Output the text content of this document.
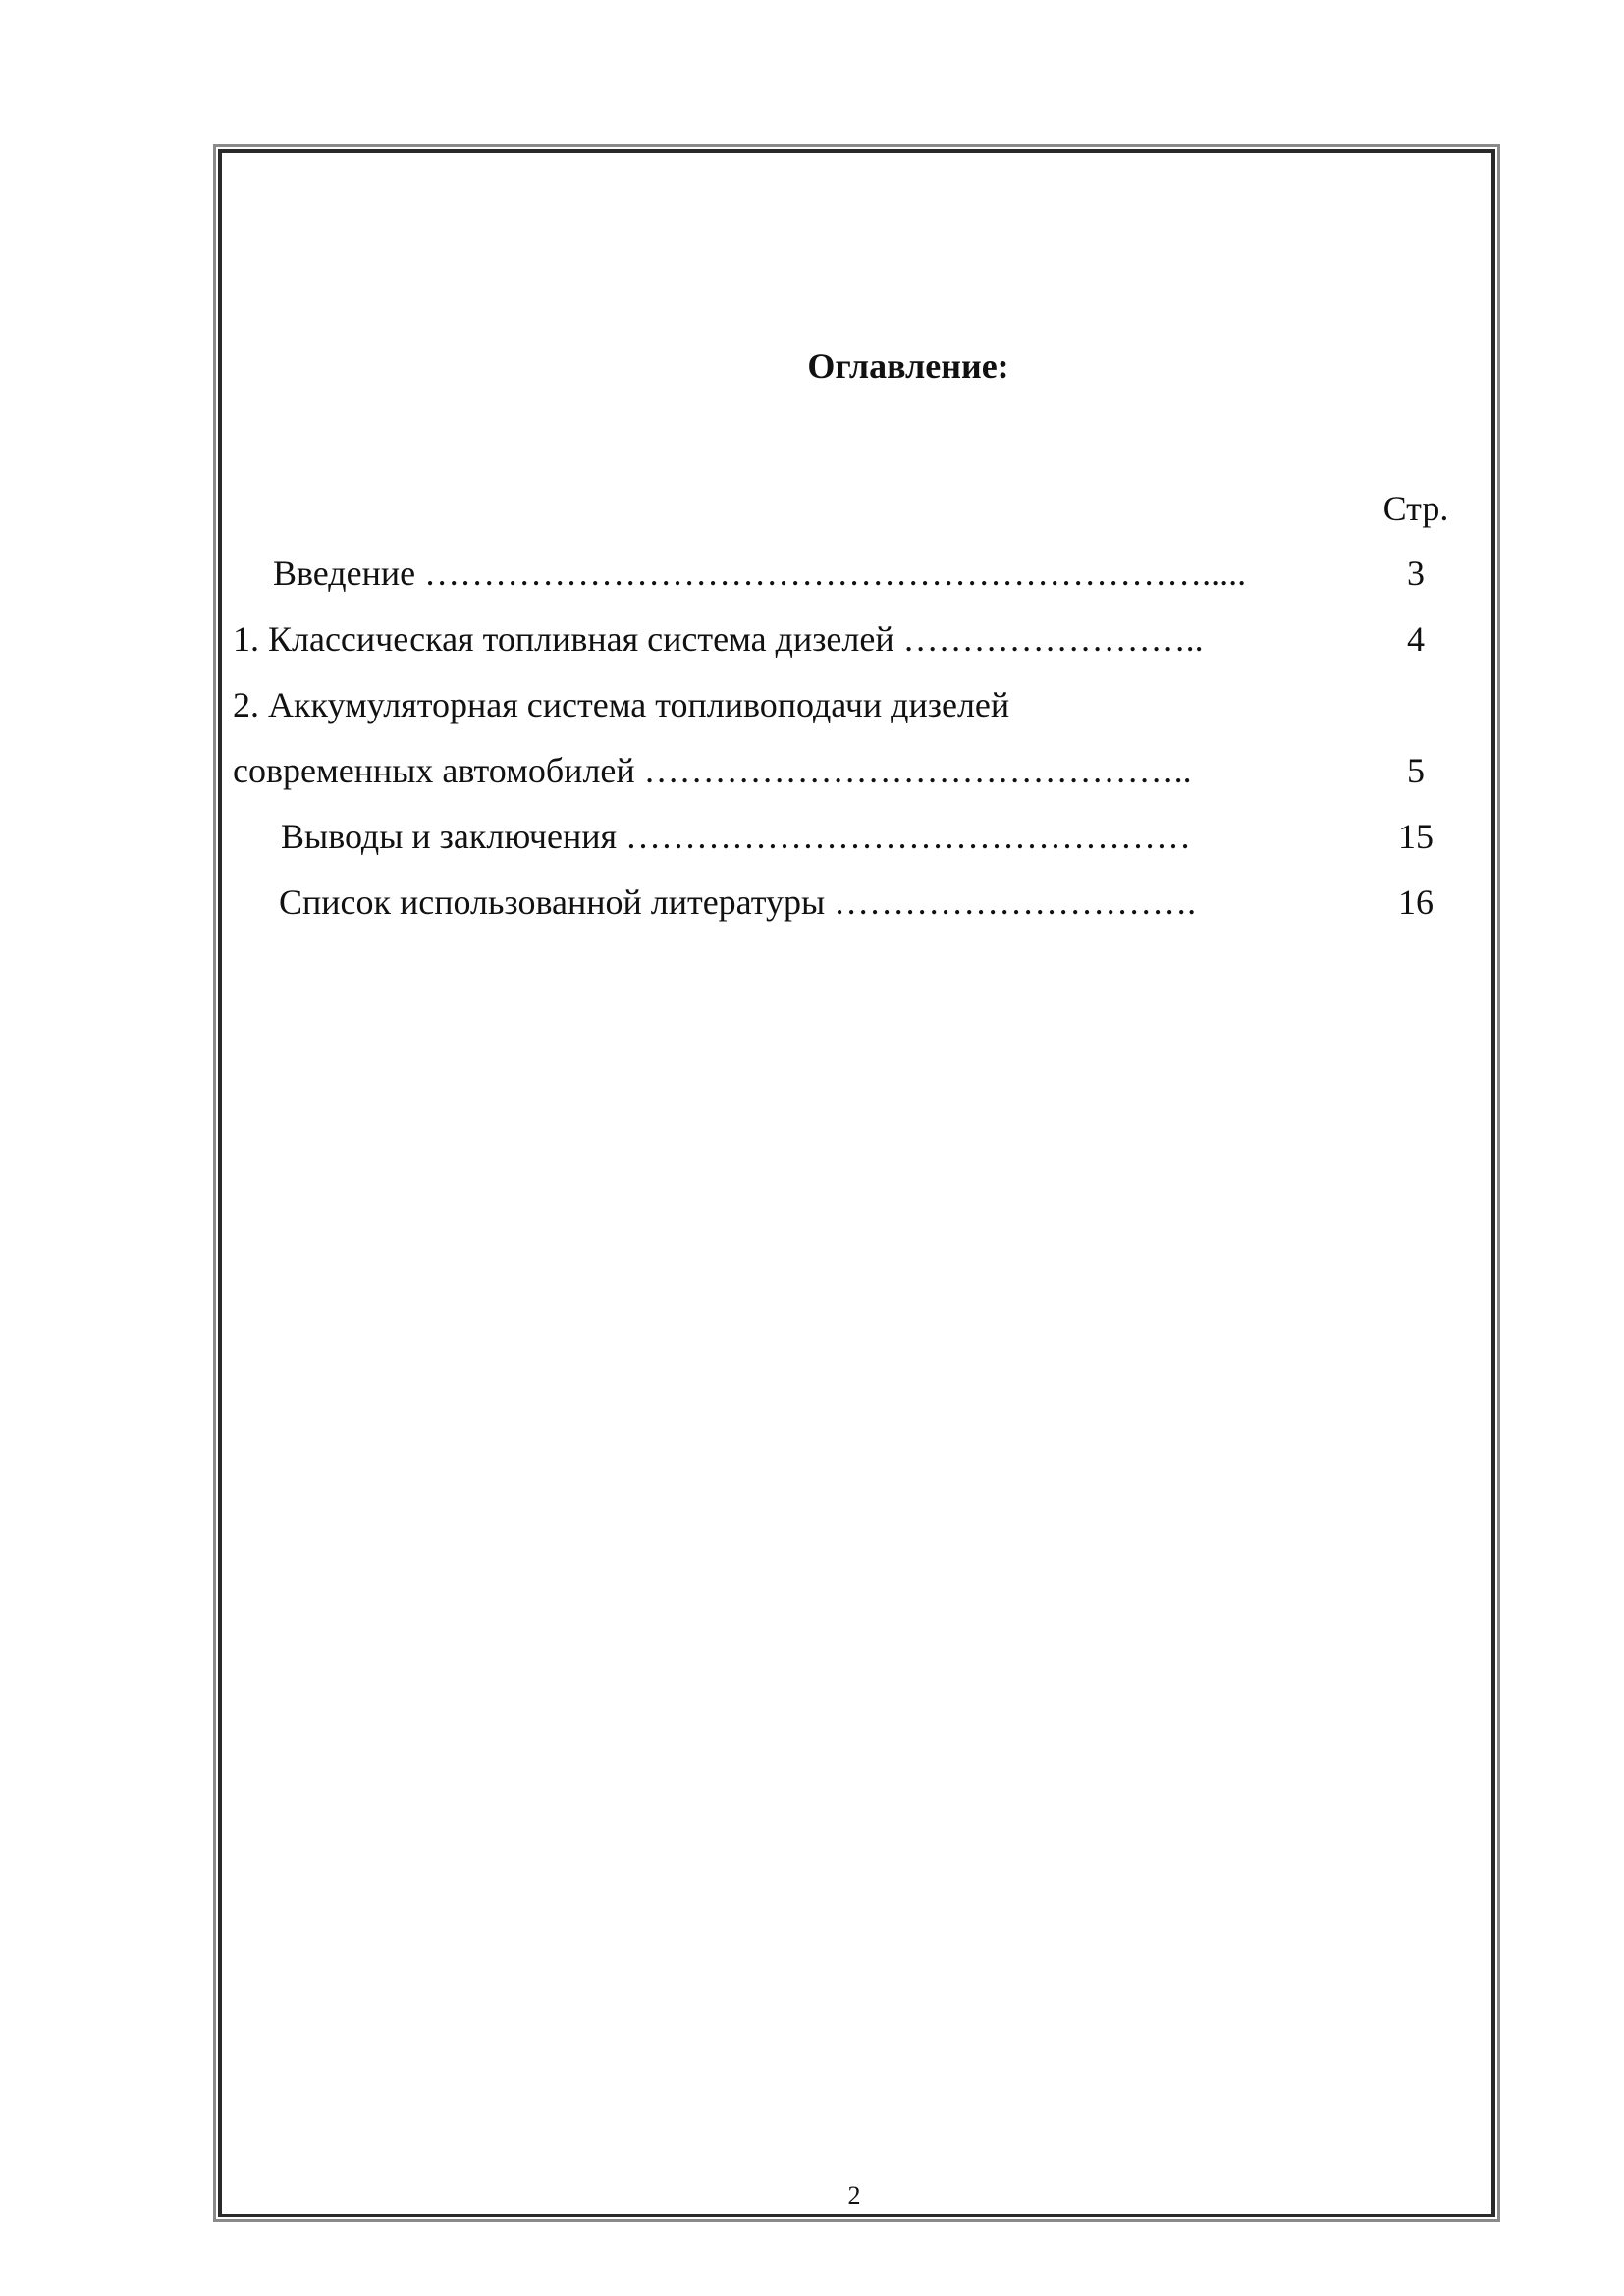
Оглавление:
Стр.
Введение ………………………………………………………….....	3
1. Классическая топливная система дизелей ……………………..	4
2. Аккумуляторная система топливоподачи дизелей
современных автомобилей ………………………………………..	5
Выводы и заключения …………………………………………	15
Список использованной литературы ………………………….	16
2
